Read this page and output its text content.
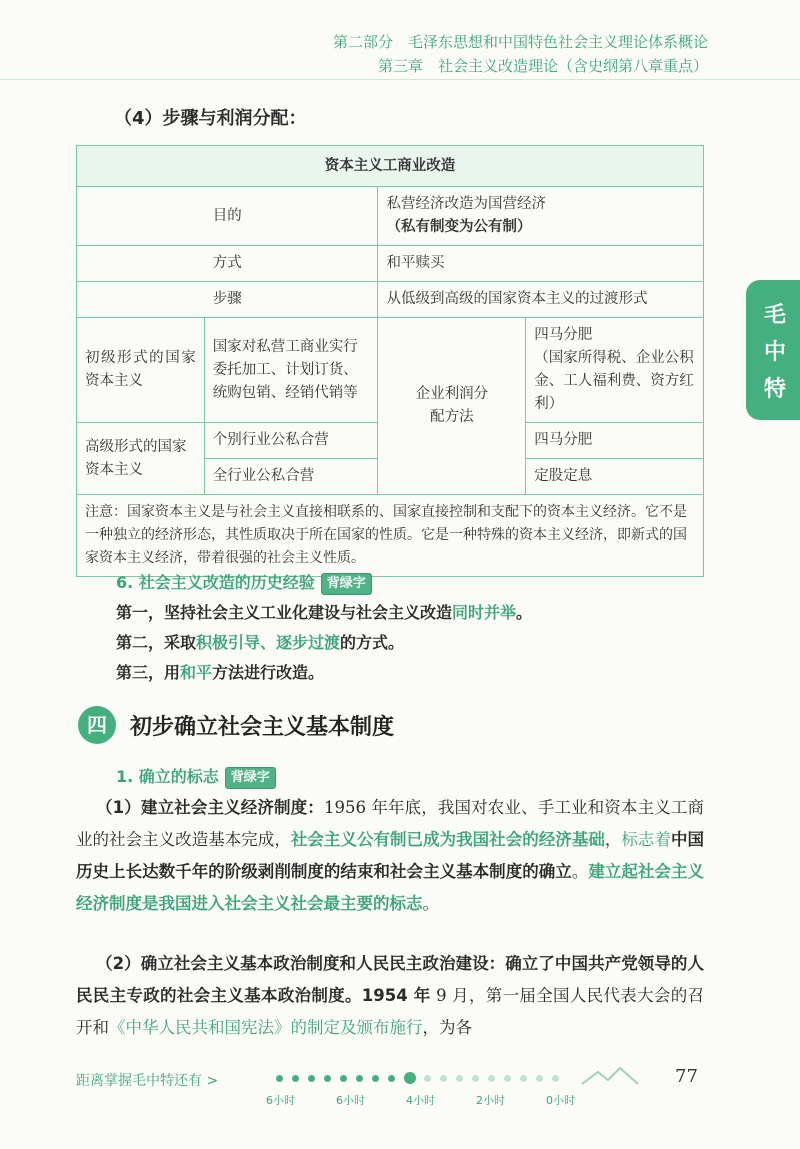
第二部分　毛泽东思想和中国特色社会主义理论体系概论
第三章　社会主义改造理论（含史纲第八章重点）
毛
中
特
（4）步骤与利润分配：
资本主义工商业改造			
目的		私营经济改造为国营经济
（私有制变为公有制）	

方式		和平赎买	
步骤		从低级到高级的国家资本主义的过渡形式	
初级形式的国家资本主义	国家对私营工商业实行委托加工、计划订货、统购包销、经销代销等	企业利润分配方法	四马分肥
（国家所得税、企业公积金、工人福利费、资方红利）

高级形式的国家资本主义	个别行业公私合营		四马分肥
	全行业公私合营		定股定息
注意：国家资本主义是与社会主义直接相联系的、国家直接控制和支配下的资本主义经济。它不是一种独立的经济形态，其性质取决于所在国家的性质。它是一种特殊的资本主义经济，即新式的国家资本主义经济，带着很强的社会主义性质。			
6. 社会主义改造的历史经验 背绿字
第一，坚持社会主义工业化建设与社会主义改造同时并举。
第二，采取积极引导、逐步过渡的方式。
第三，用和平方法进行改造。
四	初步确立社会主义基本制度
1. 确立的标志 背绿字
（1）建立社会主义经济制度：1956 年年底，我国对农业、手工业和资本主义工商业的社会主义改造基本完成，社会主义公有制已成为我国社会的经济基础，标志着中国历史上长达数千年的阶级剥削制度的结束和社会主义基本制度的确立。建立起社会主义经济制度是我国进入社会主义社会最主要的标志。
（2）确立社会主义基本政治制度和人民民主政治建设：确立了中国共产党领导的人民民主专政的社会主义基本政治制度。1954 年 9 月，第一届全国人民代表大会的召开和《中华人民共和国宪法》的制定及颁布施行，为各
距离掌握毛中特还有 >
6小时	6小时	4小时	2小时	0小时
77
